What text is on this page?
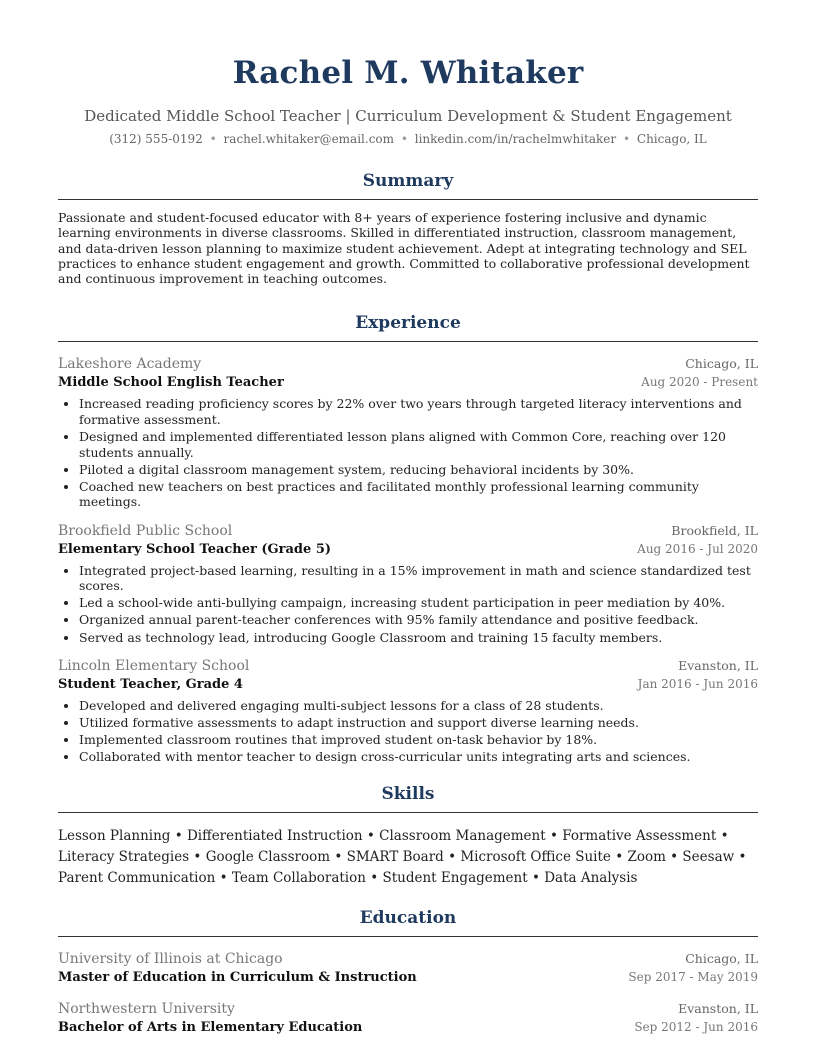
Rachel M. Whitaker
Dedicated Middle School Teacher | Curriculum Development & Student Engagement
(312) 555-0192 • rachel.whitaker@email.com • linkedin.com/in/rachelmwhitaker • Chicago, IL
Summary
Passionate and student-focused educator with 8+ years of experience fostering inclusive and dynamic learning environments in diverse classrooms. Skilled in differentiated instruction, classroom management, and data-driven lesson planning to maximize student achievement. Adept at integrating technology and SEL practices to enhance student engagement and growth. Committed to collaborative professional development and continuous improvement in teaching outcomes.
Experience
Lakeshore Academy	Chicago, IL
Middle School English Teacher	Aug 2020 - Present
• Increased reading proficiency scores by 22% over two years through targeted literacy interventions and formative assessment.
• Designed and implemented differentiated lesson plans aligned with Common Core, reaching over 120 students annually.
• Piloted a digital classroom management system, reducing behavioral incidents by 30%.
• Coached new teachers on best practices and facilitated monthly professional learning community meetings.
Brookfield Public School	Brookfield, IL
Elementary School Teacher (Grade 5)	Aug 2016 - Jul 2020
• Integrated project-based learning, resulting in a 15% improvement in math and science standardized test scores.
• Led a school-wide anti-bullying campaign, increasing student participation in peer mediation by 40%.
• Organized annual parent-teacher conferences with 95% family attendance and positive feedback.
• Served as technology lead, introducing Google Classroom and training 15 faculty members.
Lincoln Elementary School	Evanston, IL
Student Teacher, Grade 4	Jan 2016 - Jun 2016
• Developed and delivered engaging multi-subject lessons for a class of 28 students.
• Utilized formative assessments to adapt instruction and support diverse learning needs.
• Implemented classroom routines that improved student on-task behavior by 18%.
• Collaborated with mentor teacher to design cross-curricular units integrating arts and sciences.
Skills
Lesson Planning • Differentiated Instruction • Classroom Management • Formative Assessment • Literacy Strategies • Google Classroom • SMART Board • Microsoft Office Suite • Zoom • Seesaw • Parent Communication • Team Collaboration • Student Engagement • Data Analysis
Education
University of Illinois at Chicago	Chicago, IL
Master of Education in Curriculum & Instruction	Sep 2017 - May 2019
Northwestern University	Evanston, IL
Bachelor of Arts in Elementary Education	Sep 2012 - Jun 2016
